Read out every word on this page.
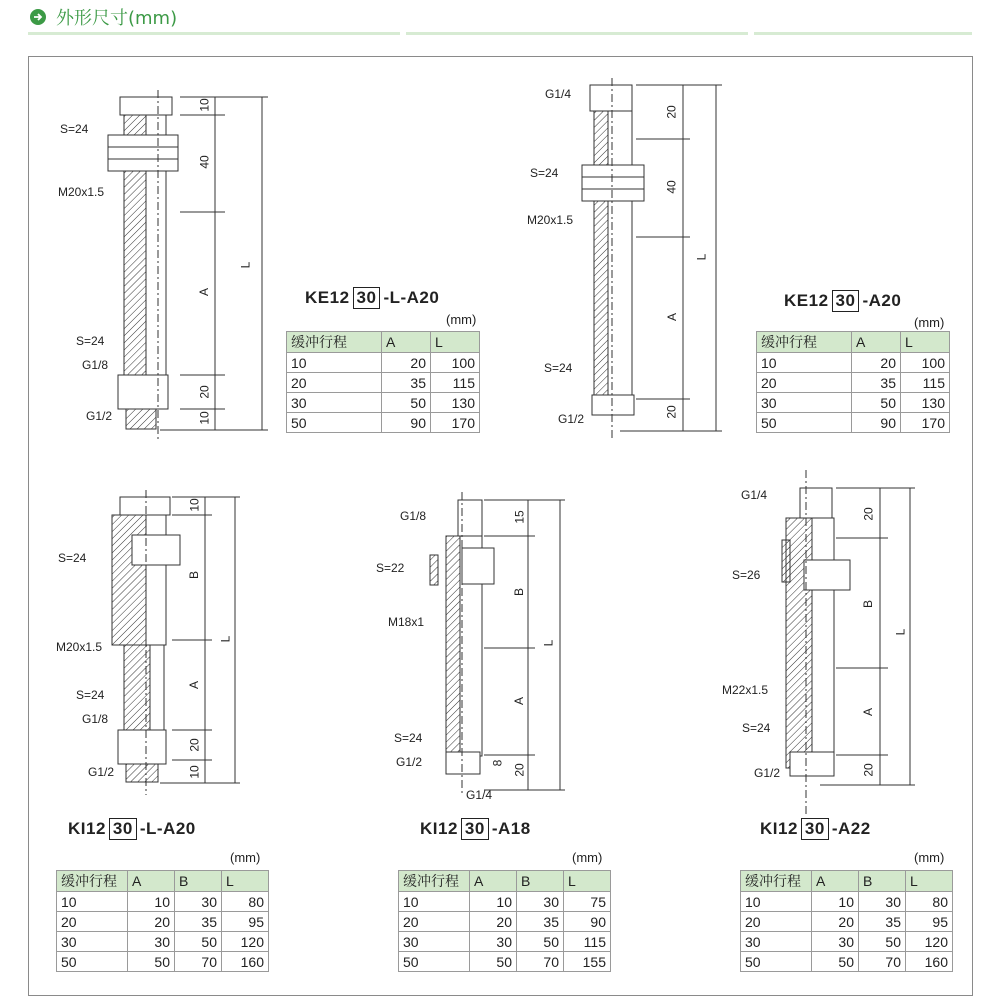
外形尺寸(mm)
S=24
M20x1.5
S=24
G1/8
G1/2
10
40
A
20
10
L
G1/4
S=24
M20x1.5
S=24
G1/2
20
40
A
20
L
S=24
M20x1.5
S=24
G1/8
G1/2
10
B
A
20
10
L
G1/8
S=22
M18x1
S=24
G1/2
G1/4
15
B
A
8
20
L
G1/4
S=26
M22x1.5
S=24
G1/2
20
B
A
20
L
KE12 30 -L-A20
(mm)
缓冲行程	A	L
10	20	100
20	35	115
30	50	130
50	90	170
KE12 30 -A20
(mm)
缓冲行程	A	L
10	20	100
20	35	115
30	50	130
50	90	170
KI12 30 -L-A20
(mm)
缓冲行程	A	B	L
10	10	30	80
20	20	35	95
30	30	50	120
50	50	70	160
KI12 30 -A18
(mm)
缓冲行程	A	B	L
10	10	30	75
20	20	35	90
30	30	50	115
50	50	70	155
KI12 30 -A22
(mm)
缓冲行程	A	B	L
10	10	30	80
20	20	35	95
30	30	50	120
50	50	70	160
